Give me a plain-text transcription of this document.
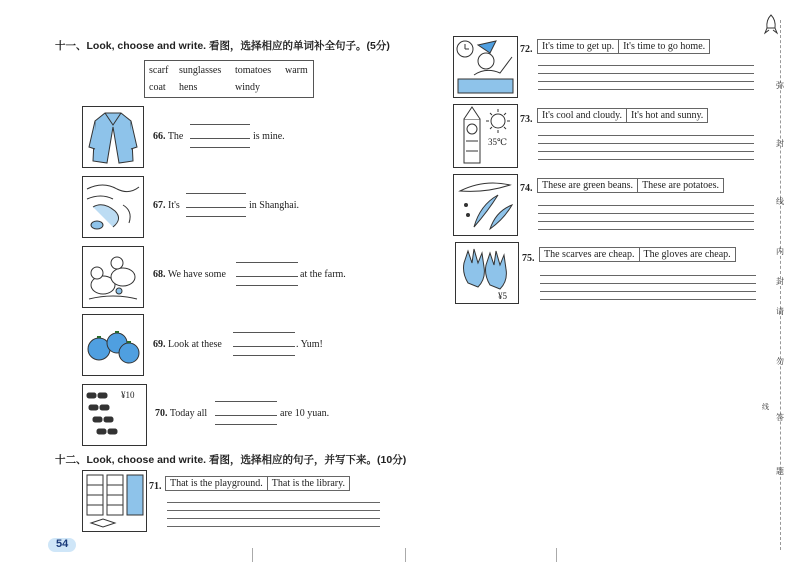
十一、Look, choose and write. 看图，选择相应的单词补全句子。(5分)
scarf sunglasses tomatoes warm
coat hens	windy
66. The	is mine.
67. It's	in Shanghai.
68. We have some	at the farm.
69. Look at these	. Yum!
¥10
70. Today all	are 10 yuan.
十二、Look, choose and write. 看图，选择相应的句子，并写下来。(10分)
71. That is the playground. That is the library.
54
72. It's time to get up. It's time to go home.
35℃
73. It's cool and cloudy. It's hot and sunny.
74. These are green beans. These are potatoes.
¥5
75. The scarves are cheap. The gloves are cheap.
弥
封
线
内
封
请
勿
答
题
线
